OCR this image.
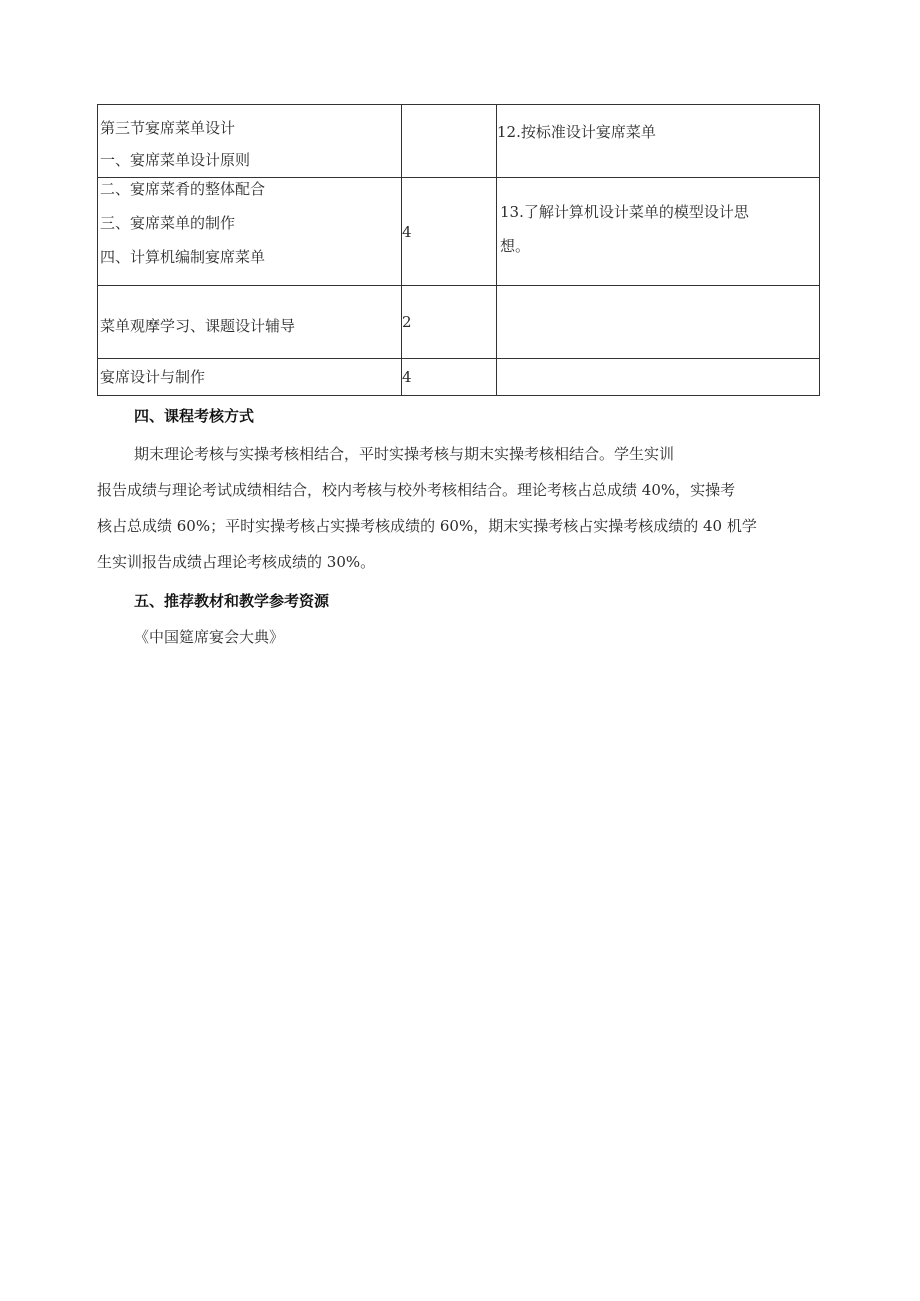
第三节宴席菜单设计
一、宴席菜单设计原则		12.按标准设计宴席菜单

二、宴席菜肴的整体配合
三、宴席菜单的制作
四、计算机编制宴席菜单	4	13.了解计算机设计菜单的模型设计思
想。

菜单观摩学习、课题设计辅导	2	

宴席设计与制作	4	
四、课程考核方式
期末理论考核与实操考核相结合，平时实操考核与期末实操考核相结合。学生实训
报告成绩与理论考试成绩相结合，校内考核与校外考核相结合。理论考核占总成绩 40%，实操考
核占总成绩 60%；平时实操考核占实操考核成绩的 60%，期末实操考核占实操考核成绩的 40 机学
生实训报告成绩占理论考核成绩的 30%。
五、推荐教材和教学参考资源
《中国筵席宴会大典》
